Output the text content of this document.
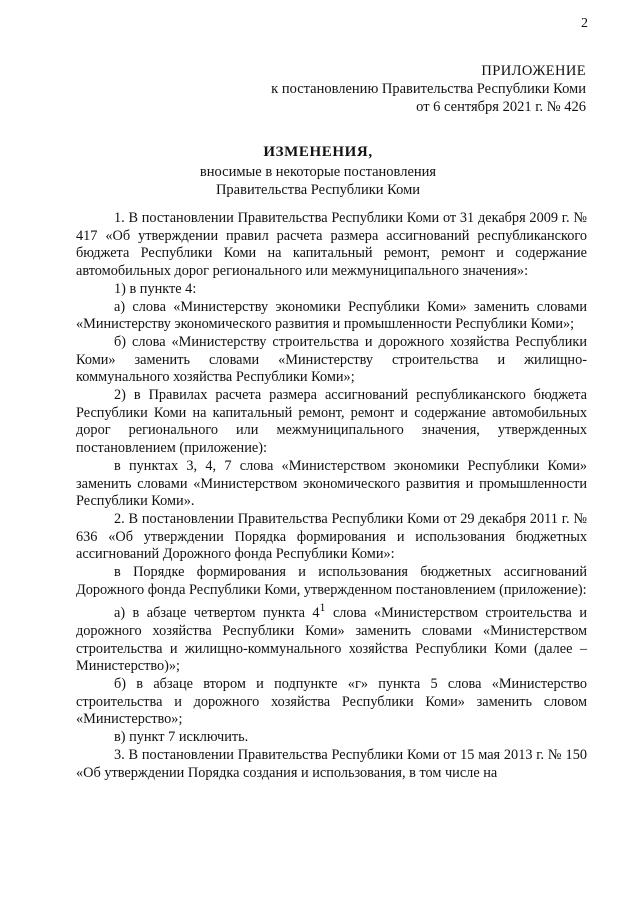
2
ПРИЛОЖЕНИЕ
к постановлению Правительства Республики Коми
от 6 сентября 2021 г. № 426
ИЗМЕНЕНИЯ,
вносимые в некоторые постановления
Правительства Республики Коми

1. В постановлении Правительства Республики Коми от 31 декабря 2009 г. № 417 «Об утверждении правил расчета размера ассигнований республиканского бюджета Республики Коми на капитальный ремонт, ремонт и содержание автомобильных дорог регионального или межмуниципального значения»:

1) в пункте 4:

а) слова «Министерству экономики Республики Коми» заменить словами «Министерству экономического развития и промышленности Республики Коми»;

б) слова «Министерству строительства и дорожного хозяйства Республики Коми» заменить словами «Министерству строительства и жилищно-коммунального хозяйства Республики Коми»;

2) в Правилах расчета размера ассигнований республиканского бюджета Республики Коми на капитальный ремонт, ремонт и содержание автомобильных дорог регионального или межмуниципального значения, утвержденных постановлением (приложение):

в пунктах 3, 4, 7 слова «Министерством экономики Республики Коми» заменить словами «Министерством экономического развития и промышленности Республики Коми».

2. В постановлении Правительства Республики Коми от 29 декабря 2011 г. № 636 «Об утверждении Порядка формирования и использования бюджетных ассигнований Дорожного фонда Республики Коми»:

в Порядке формирования и использования бюджетных ассигнований Дорожного фонда Республики Коми, утвержденном постановлением (приложение):

а) в абзаце четвертом пункта $4^1$ слова «Министерством строительства и дорожного хозяйства Республики Коми» заменить словами «Министерством строительства и жилищно-коммунального хозяйства Республики Коми (далее – Министерство)»;

б) в абзаце втором и подпункте «г» пункта 5 слова «Министерство строительства и дорожного хозяйства Республики Коми» заменить словом «Министерство»;

в) пункт 7 исключить.

3. В постановлении Правительства Республики Коми от 15 мая 2013 г. № 150 «Об утверждении Порядка создания и использования, в том числе на
